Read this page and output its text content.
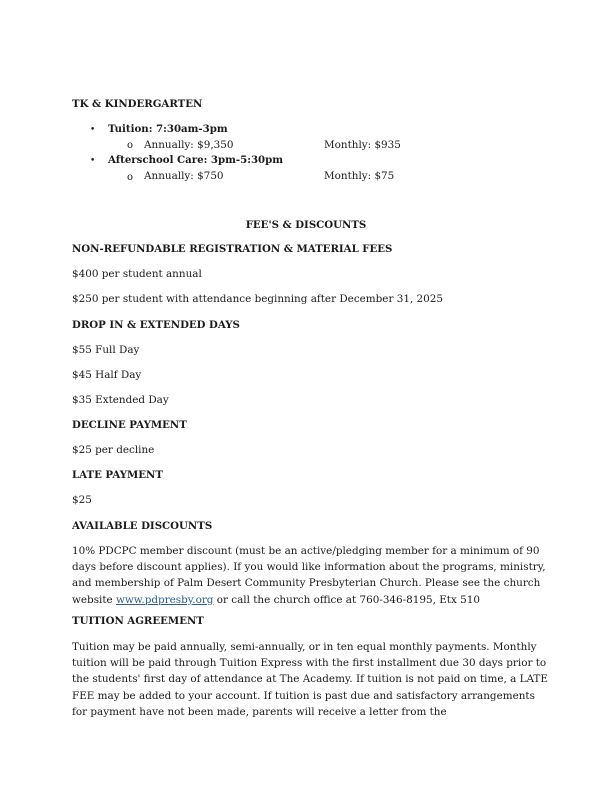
TK & KINDERGARTEN
• Tuition: 7:30am-3pm
o Annually: $9,350	Monthly: $935
• Afterschool Care: 3pm-5:30pm
o Annually: $750	Monthly: $75
FEE'S & DISCOUNTS
NON-REFUNDABLE REGISTRATION & MATERIAL FEES
$400 per student annual
$250 per student with attendance beginning after December 31, 2025
DROP IN & EXTENDED DAYS
$55 Full Day
$45 Half Day
$35 Extended Day
DECLINE PAYMENT
$25 per decline
LATE PAYMENT
$25
AVAILABLE DISCOUNTS
10% PDCPC member discount (must be an active/pledging member for a minimum of 90 days before discount applies). If you would like information about the programs, ministry, and membership of Palm Desert Community Presbyterian Church. Please see the church website www.pdpresby.org or call the church office at 760-346-8195, Etx 510
TUITION AGREEMENT
Tuition may be paid annually, semi-annually, or in ten equal monthly payments. Monthly tuition will be paid through Tuition Express with the first installment due 30 days prior to the students' first day of attendance at The Academy. If tuition is not paid on time, a LATE FEE may be added to your account. If tuition is past due and satisfactory arrangements for payment have not been made, parents will receive a letter from the
